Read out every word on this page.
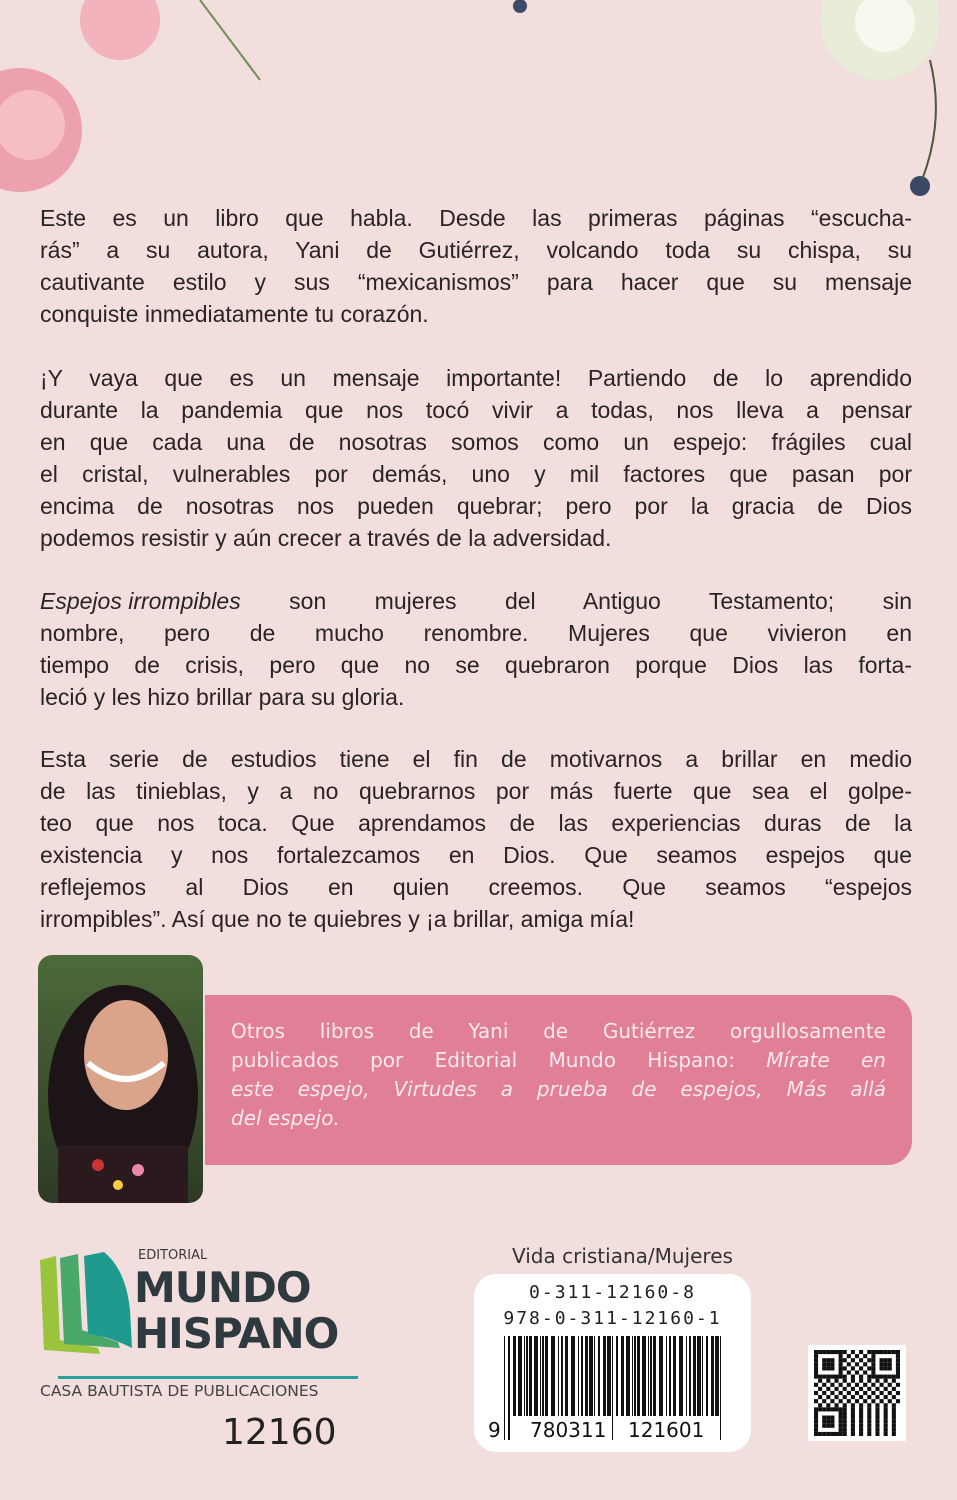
Este es un libro que habla. Desde las primeras páginas “escucha-
rás” a su autora, Yani de Gutiérrez, volcando toda su chispa, su
cautivante estilo y sus “mexicanismos” para hacer que su mensaje
conquiste inmediatamente tu corazón.
¡Y vaya que es un mensaje importante! Partiendo de lo aprendido
durante la pandemia que nos tocó vivir a todas, nos lleva a pensar
en que cada una de nosotras somos como un espejo: frágiles cual
el cristal, vulnerables por demás, uno y mil factores que pasan por
encima de nosotras nos pueden quebrar; pero por la gracia de Dios
podemos resistir y aún crecer a través de la adversidad.
Espejos irrompibles son mujeres del Antiguo Testamento; sin
nombre, pero de mucho renombre. Mujeres que vivieron en
tiempo de crisis, pero que no se quebraron porque Dios las forta-
leció y les hizo brillar para su gloria.
Esta serie de estudios tiene el fin de motivarnos a brillar en medio
de las tinieblas, y a no quebrarnos por más fuerte que sea el golpe-
teo que nos toca. Que aprendamos de las experiencias duras de la
existencia y nos fortalezcamos en Dios. Que seamos espejos que
reflejemos al Dios en quien creemos. Que seamos “espejos
irrompibles”. Así que no te quiebres y ¡a brillar, amiga mía!
Otros libros de Yani de Gutiérrez orgullosamente
publicados por Editorial Mundo Hispano: Mírate en
este espejo, Virtudes a prueba de espejos, Más allá
del espejo.
EDITORIAL
MUNDO
HISPANO
CASA BAUTISTA DE PUBLICACIONES
12160
Vida cristiana/Mujeres
0-311-12160-8
978-0-311-12160-1
9 780311 121601
